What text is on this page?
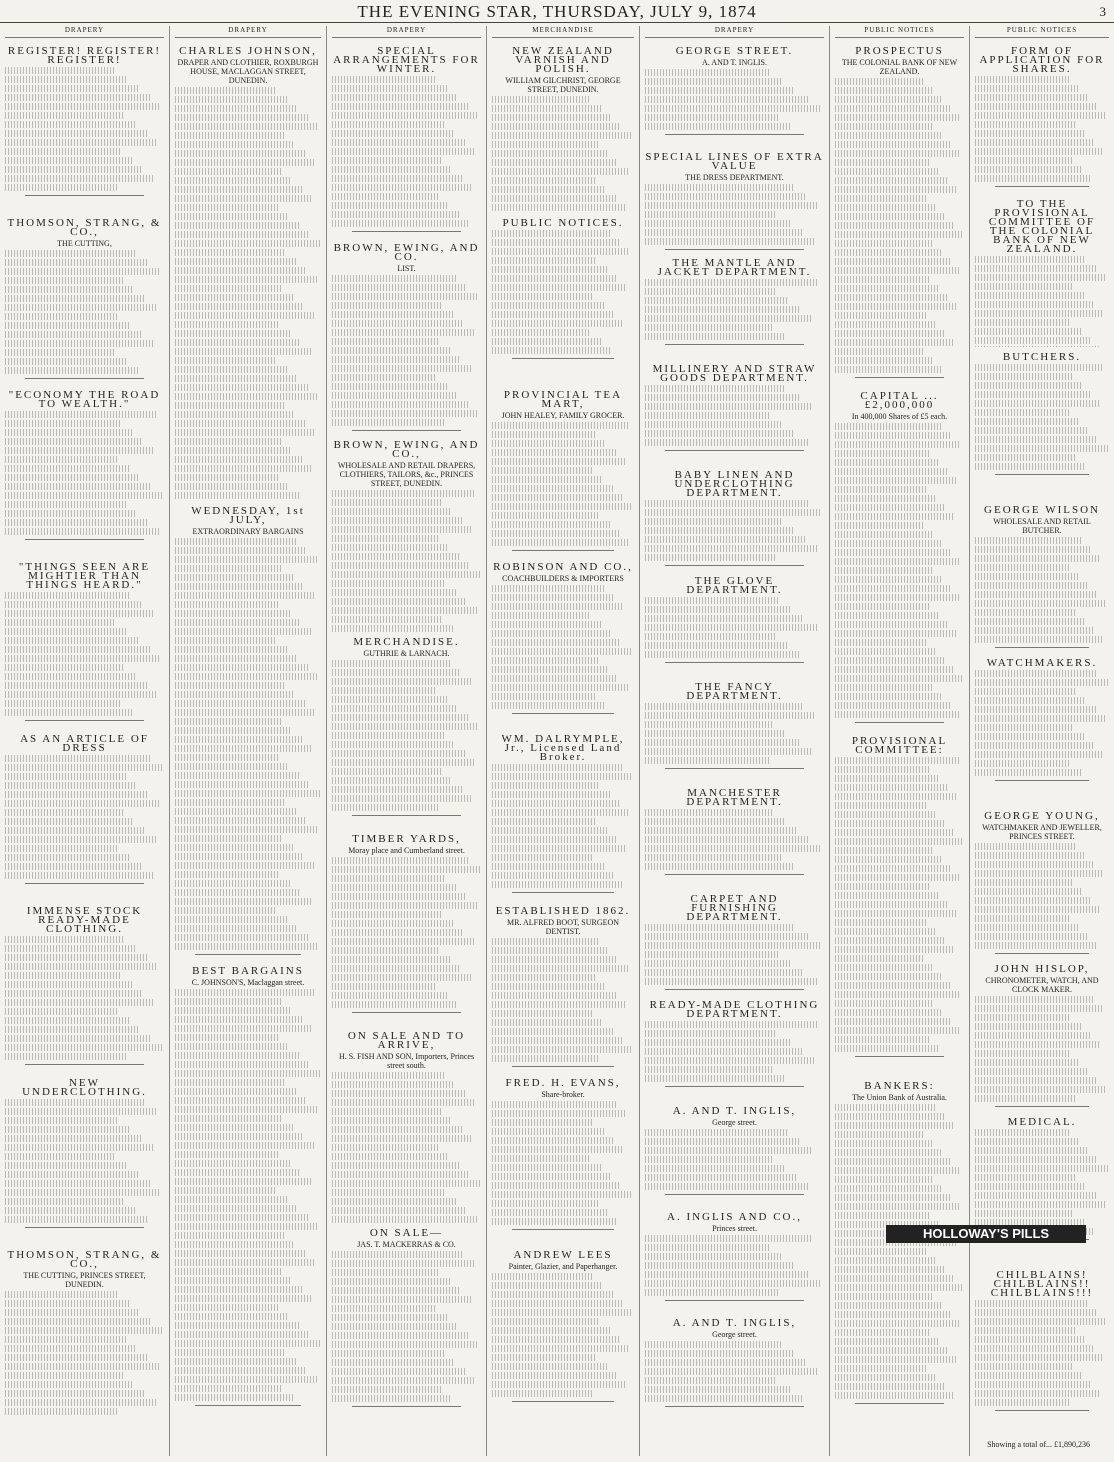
THE EVENING STAR, THURSDAY, JULY 9, 1874	3
DRAPERY
REGISTER! REGISTER! REGISTER!
THOMSON, STRANG, & CO.,
THE CUTTING,
"ECONOMY THE ROAD TO WEALTH."
"THINGS SEEN ARE MIGHTIER THAN THINGS HEARD."
AS AN ARTICLE OF DRESS
IMMENSE STOCK READY-MADE CLOTHING.
NEW UNDERCLOTHING.
THOMSON, STRANG, & CO.,
THE CUTTING, PRINCES STREET, DUNEDIN.
DRAPERY
CHARLES JOHNSON,
DRAPER AND CLOTHIER, ROXBURGH HOUSE, MACLAGGAN STREET, DUNEDIN.
WEDNESDAY, 1st JULY,
EXTRAORDINARY BARGAINS
BEST BARGAINS
C. JOHNSON'S, Maclaggan street.
DRAPERY
SPECIAL ARRANGEMENTS FOR WINTER.
BROWN, EWING, AND CO.
LIST.
BROWN, EWING, AND CO.,
WHOLESALE AND RETAIL DRAPERS, CLOTHIERS, TAILORS, &c., PRINCES STREET, DUNEDIN.
MERCHANDISE.
GUTHRIE & LARNACH.
TIMBER YARDS,
Moray place and Cumberland street.
ON SALE AND TO ARRIVE,
H. S. FISH AND SON, Importers, Princes street south.
ON SALE—
JAS. T. MACKERRAS & CO.
MERCHANDISE
NEW ZEALAND VARNISH AND POLISH.
WILLIAM GILCHRIST, GEORGE STREET, DUNEDIN.
PUBLIC NOTICES.
PROVINCIAL TEA MART,
JOHN HEALEY, FAMILY GROCER.
ROBINSON AND CO.,
COACHBUILDERS & IMPORTERS
WM. DALRYMPLE, Jr., Licensed Land Broker.
ESTABLISHED 1862.
MR. ALFRED BOOT, SURGEON DENTIST.
FRED. H. EVANS,
Share-broker.
ANDREW LEES
Painter, Glazier, and Paperhanger.
DRAPERY
GEORGE STREET.
A. AND T. INGLIS.
SPECIAL LINES OF EXTRA VALUE
THE DRESS DEPARTMENT.
THE MANTLE AND JACKET DEPARTMENT.
MILLINERY AND STRAW GOODS DEPARTMENT.
BABY LINEN AND UNDERCLOTHING DEPARTMENT.
THE GLOVE DEPARTMENT.
THE FANCY DEPARTMENT.
MANCHESTER DEPARTMENT.
CARPET AND FURNISHING DEPARTMENT.
READY-MADE CLOTHING DEPARTMENT.
A. AND T. INGLIS,
George street.
A. INGLIS AND CO.,
Princes street.
A. AND T. INGLIS,
George street.
PUBLIC NOTICES
PROSPECTUS
THE COLONIAL BANK OF NEW ZEALAND.
CAPITAL ... £2,000,000
In 400,000 Shares of £5 each.
PROVISIONAL COMMITTEE:
BANKERS:
The Union Bank of Australia.
PUBLIC NOTICES
FORM OF APPLICATION FOR SHARES.
TO THE PROVISIONAL COMMITTEE OF THE COLONIAL BANK OF NEW ZEALAND.
BUTCHERS.
GEORGE WILSON
WHOLESALE AND RETAIL BUTCHER.
WATCHMAKERS.
GEORGE YOUNG,
WATCHMAKER AND JEWELLER, PRINCES STREET.
JOHN HISLOP,
CHRONOMETER, WATCH, AND CLOCK MAKER.
MEDICAL.
CHILBLAINS! CHILBLAINS!! CHILBLAINS!!!
HOLLOWAY'S PILLS
Showing a total of... £1,890,236
